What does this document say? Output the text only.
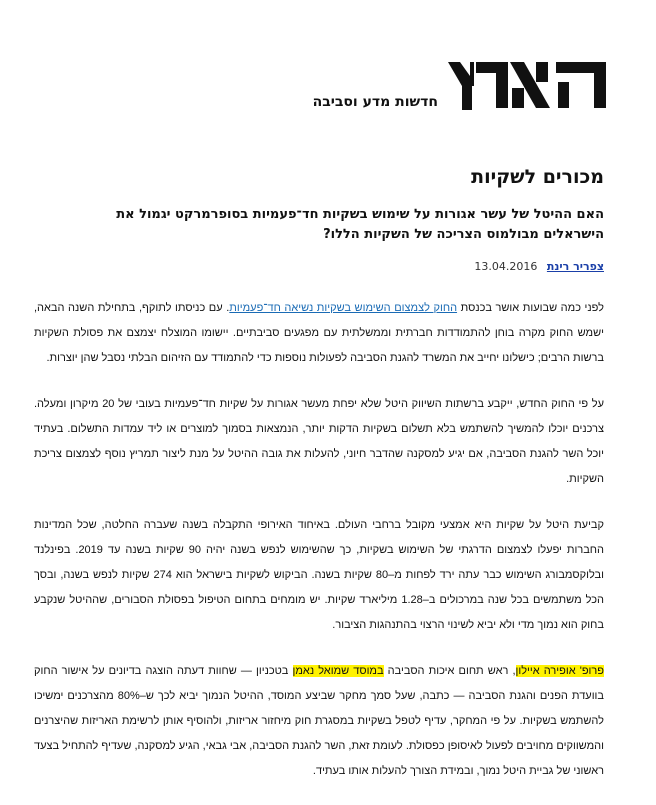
חדשות מדע וסביבה
מכורים לשקיות
האם ההיטל של עשר אגורות על שימוש בשקיות חד־פעמיות בסופרמרקט יגמול את הישראלים מבולמוס הצריכה של השקיות הללו?
צפריר רינת 13.04.2016

לפני כמה שבועות אושר בכנסת החוק לצמצום השימוש בשקיות נשיאה חד־פעמיות. עם כניסתו לתוקף, בתחילת השנה הבאה, ישמש החוק מקרה בוחן להתמודדות חברתית וממשלתית עם מפגעים סביבתיים. יישומו המוצלח יצמצם את פסולת השקיות ברשות הרבים; כישלונו יחייב את המשרד להגנת הסביבה לפעולות נוספות כדי להתמודד עם הזיהום הבלתי נסבל שהן יוצרות.

על פי החוק החדש, ייקבע ברשתות השיווק היטל שלא יפחת מעשר אגורות על שקיות חד־פעמיות בעובי של 20 מיקרון ומעלה. צרכנים יוכלו להמשיך להשתמש בלא תשלום בשקיות הדקות יותר, הנמצאות בסמוך למוצרים או ליד עמדות התשלום. בעתיד יוכל השר להגנת הסביבה, אם יגיע למסקנה שהדבר חיוני, להעלות את גובה ההיטל על מנת ליצור תמריץ נוסף לצמצום צריכת השקיות.

קביעת היטל על שקיות היא אמצעי מקובל ברחבי העולם. באיחוד האירופי התקבלה בשנה שעברה החלטה, שכל המדינות החברות יפעלו לצמצום הדרגתי של השימוש בשקיות, כך שהשימוש לנפש בשנה יהיה 90 שקיות בשנה עד 2019. בפינלנד ובלוקסמבורג השימוש כבר עתה ירד לפחות מ–80 שקיות בשנה. הביקוש לשקיות בישראל הוא 274 שקיות לנפש בשנה, ובסך הכל משתמשים בכל שנה במרכולים ב–1.28 מיליארד שקיות. יש מומחים בתחום הטיפול בפסולת הסבורים, שההיטל שנקבע בחוק הוא נמוך מדי ולא יביא לשינוי הרצוי בהתנהגות הציבור.

פרופ' אופירה איילון, ראש תחום איכות הסביבה במוסד שמואל נאמן בטכניון — שחוות דעתה הוצגה בדיונים על אישור החוק בוועדת הפנים והגנת הסביבה — כתבה, שעל סמך מחקר שביצע המוסד, ההיטל הנמוך יביא לכך ש–80% מהצרכנים ימשיכו להשתמש בשקיות. על פי המחקר, עדיף לטפל בשקיות במסגרת חוק מיחזור אריזות, ולהוסיף אותן לרשימת האריזות שהיצרנים והמשווקים מחויבים לפעול לאיסופן כפסולת. לעומת זאת, השר להגנת הסביבה, אבי גבאי, הגיע למסקנה, שעדיף להתחיל בצעד ראשוני של גביית היטל נמוך, ובמידת הצורך להעלות אותו בעתיד.
